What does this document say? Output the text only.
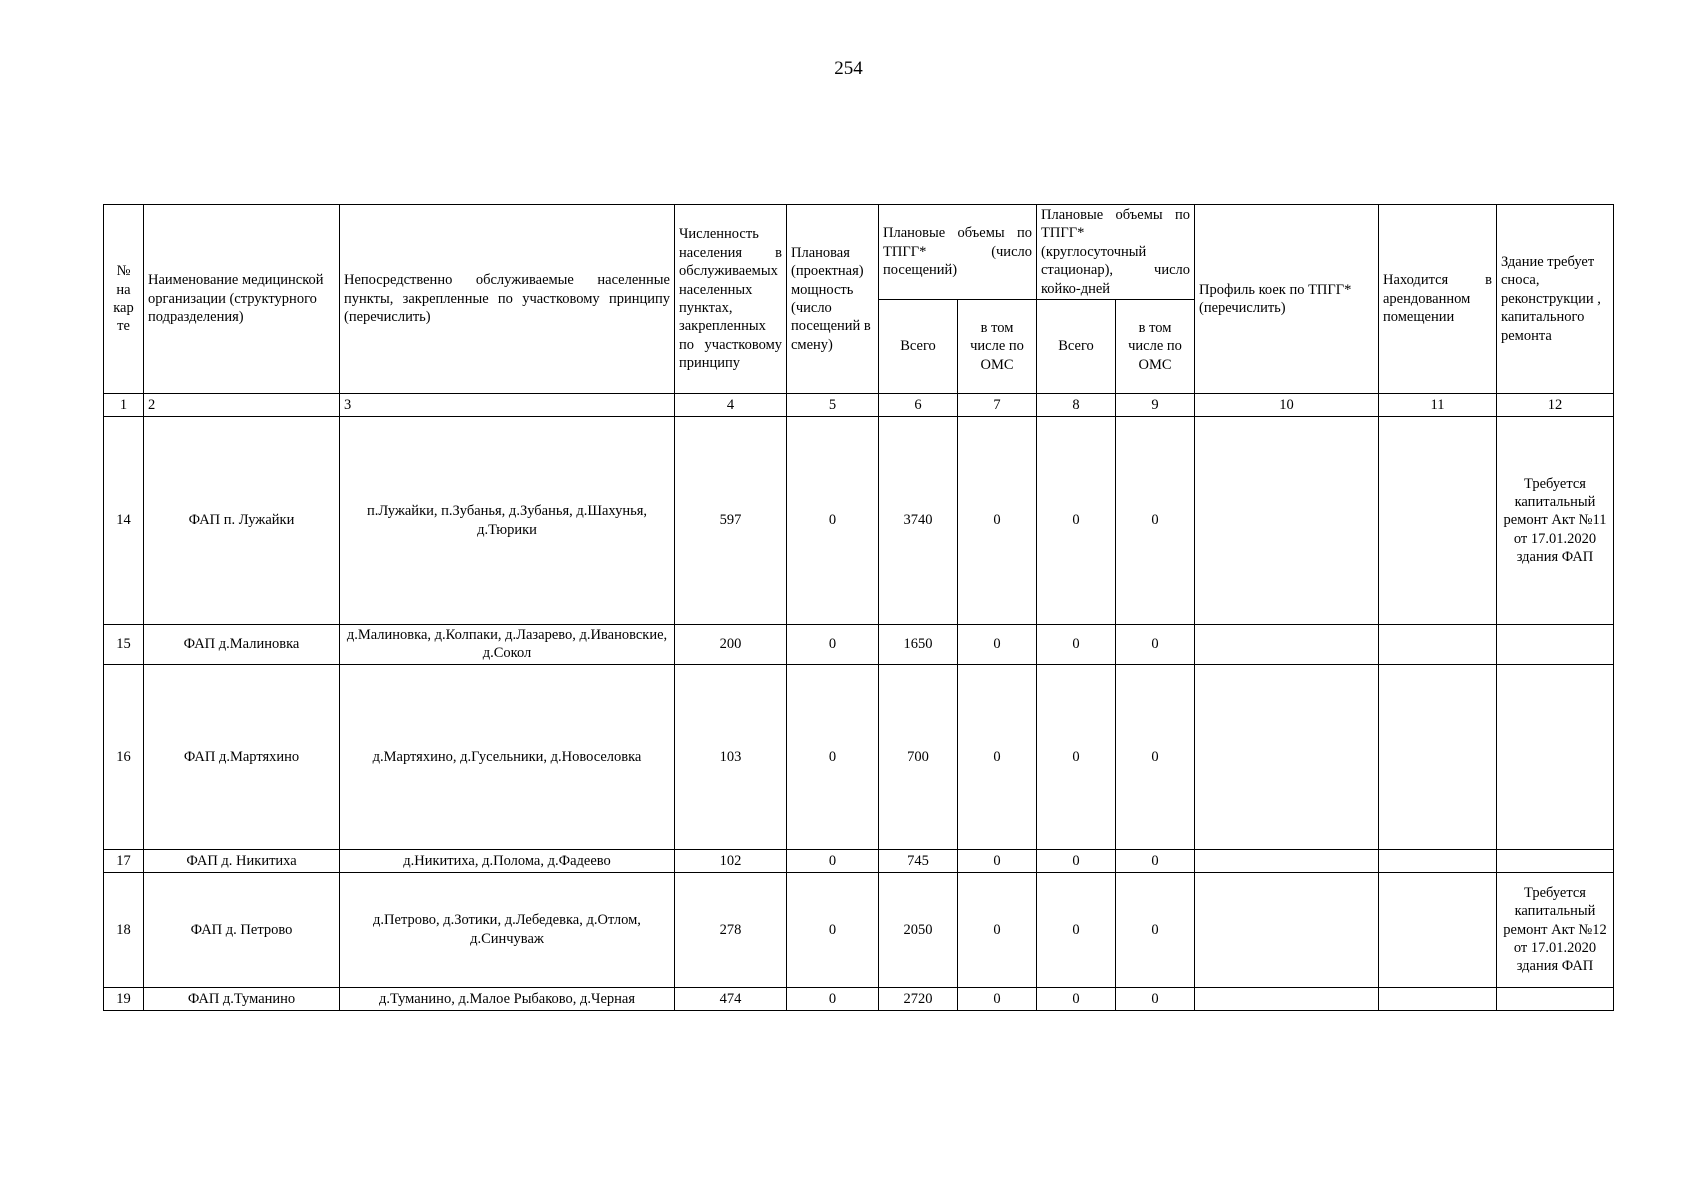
254
№ на кар те	Наименование медицинской организации (структурного подразделения)	Непосредственно обслуживаемые населенные пункты, закрепленные по участковому принципу (перечислить)	Численность населения в обслуживаемых населенных пунктах, закрепленных по участковому принципу	Плановая (проектная) мощность (число посещений в смену)	Плановые объемы по ТПГГ* (число посещений)		Плановые объемы по ТПГГ* (круглосуточный стационар), число койко-дней		Профиль коек по ТПГГ* (перечислить)	Находится в арендованном помещении	Здание требует сноса, реконструкции , капитального ремонта
					Всего	в том числе по ОМС	Всего	в том числе по ОМС			
1	2	3	4	5	6	7	8	9	10	11	12
14	ФАП п. Лужайки	п.Лужайки, п.Зубанья, д.Зубанья, д.Шахунья, д.Тюрики	597	0	3740	0	0	0			Требуется капитальный ремонт Акт №11 от 17.01.2020 здания ФАП
15	ФАП д.Малиновка	д.Малиновка, д.Колпаки, д.Лазарево, д.Ивановские, д.Сокол	200	0	1650	0	0	0			
16	ФАП д.Мартяхино	д.Мартяхино, д.Гусельники, д.Новоселовка	103	0	700	0	0	0			
17	ФАП д. Никитиха	д.Никитиха, д.Полома, д.Фадеево	102	0	745	0	0	0			
18	ФАП д. Петрово	д.Петрово, д.Зотики, д.Лебедевка, д.Отлом, д.Синчуваж	278	0	2050	0	0	0			Требуется капитальный ремонт Акт №12 от 17.01.2020 здания ФАП
19	ФАП д.Туманино	д.Туманино, д.Малое Рыбаково, д.Черная	474	0	2720	0	0	0			
